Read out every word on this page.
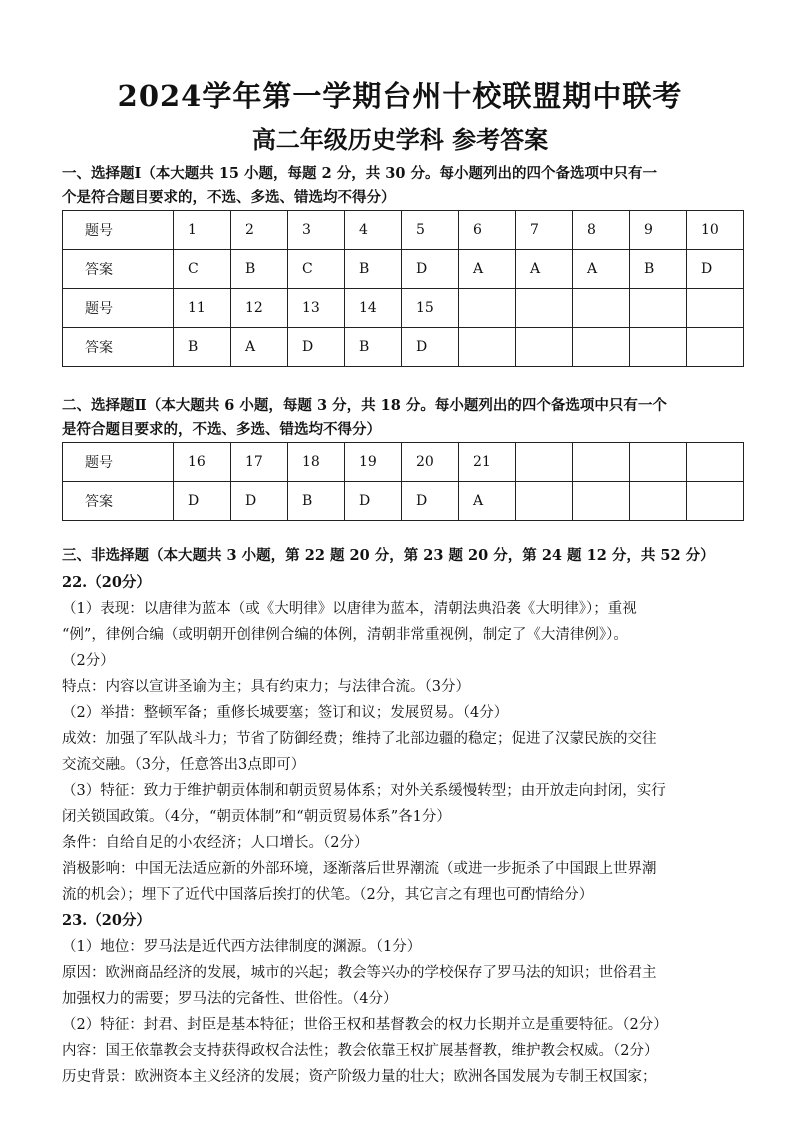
2024学年第一学期台州十校联盟期中联考
高二年级历史学科 参考答案
一、选择题Ⅰ（本大题共 15 小题，每题 2 分，共 30 分。每小题列出的四个备选项中只有一
个是符合题目要求的，不选、多选、错选均不得分）
题号	1	2	3	4	5	6	7	8	9	10
答案	C	B	C	B	D	A	A	A	B	D
题号	11	12	13	14	15					
答案	B	A	D	B	D					
二、选择题Ⅱ（本大题共 6 小题，每题 3 分，共 18 分。每小题列出的四个备选项中只有一个
是符合题目要求的，不选、多选、错选均不得分）
题号	16	17	18	19	20	21				
答案	D	D	B	D	D	A				
三、非选择题（本大题共 3 小题，第 22 题 20 分，第 23 题 20 分，第 24 题 12 分，共 52 分）

22.（20分）

（1）表现：以唐律为蓝本（或《大明律》以唐律为蓝本，清朝法典沿袭《大明律》）；重视

“例”，律例合编（或明朝开创律例合编的体例，清朝非常重视例，制定了《大清律例》）。

（2分）

特点：内容以宣讲圣谕为主；具有约束力；与法律合流。（3分）

（2）举措：整顿军备；重修长城要塞；签订和议；发展贸易。（4分）

成效：加强了军队战斗力；节省了防御经费；维持了北部边疆的稳定；促进了汉蒙民族的交往

交流交融。（3分，任意答出3点即可）

（3）特征：致力于维护朝贡体制和朝贡贸易体系；对外关系缓慢转型；由开放走向封闭，实行

闭关锁国政策。（4分，“朝贡体制”和“朝贡贸易体系”各1分）

条件：自给自足的小农经济；人口增长。（2分）

消极影响：中国无法适应新的外部环境，逐渐落后世界潮流（或进一步扼杀了中国跟上世界潮

流的机会）；埋下了近代中国落后挨打的伏笔。（2分，其它言之有理也可酌情给分）

23.（20分）

（1）地位：罗马法是近代西方法律制度的渊源。（1分）

原因：欧洲商品经济的发展，城市的兴起；教会等兴办的学校保存了罗马法的知识；世俗君主

加强权力的需要；罗马法的完备性、世俗性。（4分）

（2）特征：封君、封臣是基本特征；世俗王权和基督教会的权力长期并立是重要特征。（2分）

内容：国王依靠教会支持获得政权合法性；教会依靠王权扩展基督教，维护教会权威。（2分）

历史背景：欧洲资本主义经济的发展；资产阶级力量的壮大；欧洲各国发展为专制王权国家；
